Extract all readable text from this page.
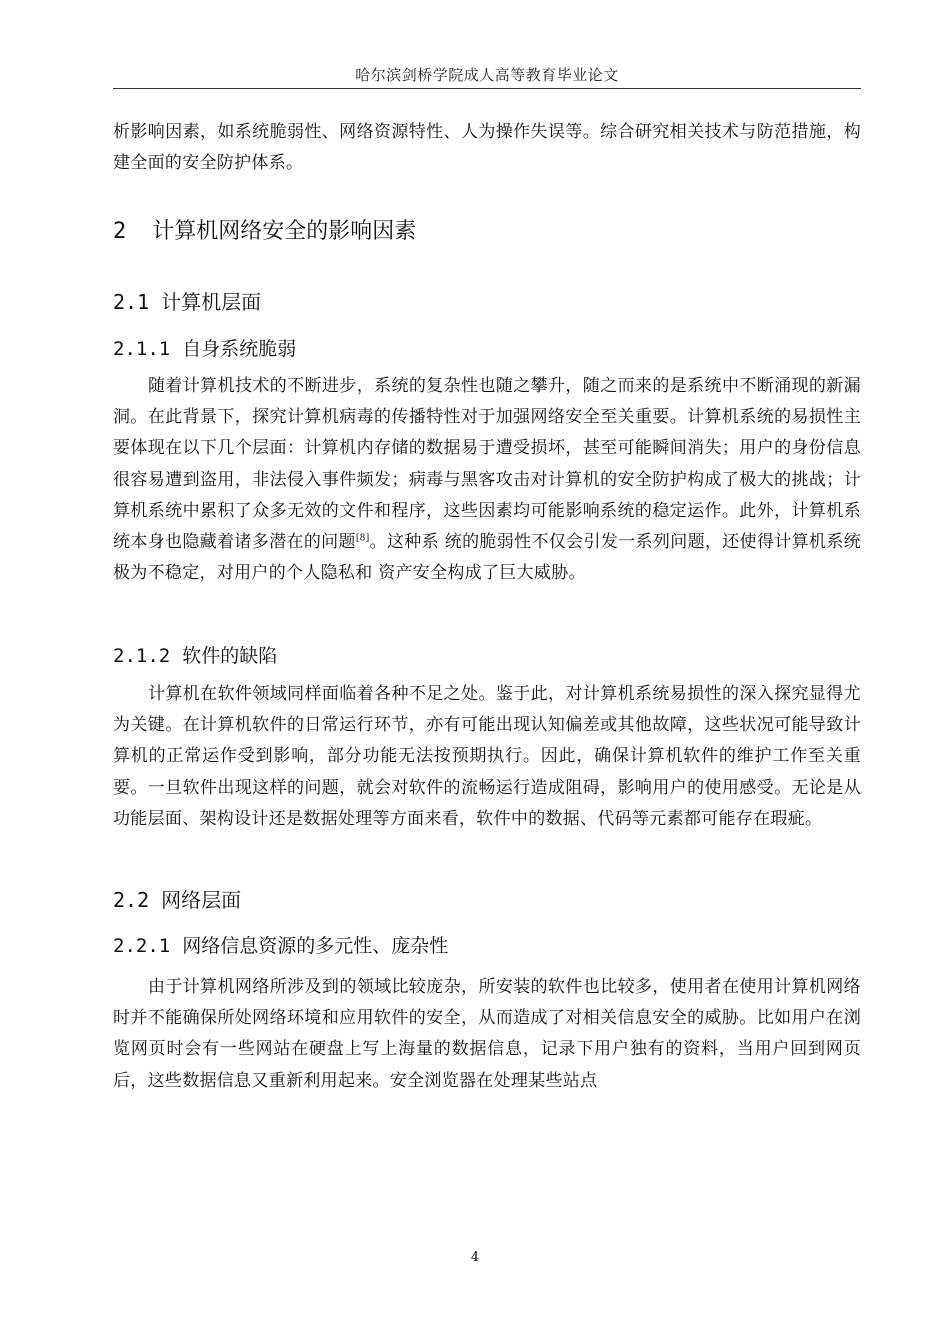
哈尔滨剑桥学院成人高等教育毕业论文

析影响因素，如系统脆弱性、网络资源特性、人为操作失误等。综合研究相关技术与防范措施，构建全面的安全防护体系。

2 计算机网络安全的影响因素
2.1 计算机层面
2.1.1 自身系统脆弱

随着计算机技术的不断进步，系统的复杂性也随之攀升，随之而来的是系统中不断涌现的新漏洞。在此背景下，探究计算机病毒的传播特性对于加强网络安全至关重要。计算机系统的易损性主要体现在以下几个层面：计算机内存储的数据易于遭受损坏，甚至可能瞬间消失；用户的身份信息很容易遭到盗用，非法侵入事件频发；病毒与黑客攻击对计算机的安全防护构成了极大的挑战；计算机系统中累积了众多无效的文件和程序，这些因素均可能影响系统的稳定运作。此外，计算机系统本身也隐藏着诸多潜在的问题[8]。这种系 统的脆弱性不仅会引发一系列问题，还使得计算机系统极为不稳定，对用户的个人隐私和 资产安全构成了巨大威胁。

2.1.2 软件的缺陷

计算机在软件领域同样面临着各种不足之处。鉴于此，对计算机系统易损性的深入探究显得尤为关键。在计算机软件的日常运行环节，亦有可能出现认知偏差或其他故障，这些状况可能导致计算机的正常运作受到影响，部分功能无法按预期执行。因此，确保计算机软件的维护工作至关重要。一旦软件出现这样的问题，就会对软件的流畅运行造成阻碍，影响用户的使用感受。无论是从功能层面、架构设计还是数据处理等方面来看，软件中的数据、代码等元素都可能存在瑕疵。

2.2 网络层面
2.2.1 网络信息资源的多元性、庞杂性

由于计算机网络所涉及到的领域比较庞杂，所安装的软件也比较多，使用者在使用计算机网络时并不能确保所处网络环境和应用软件的安全，从而造成了对相关信息安全的威胁。比如用户在浏览网页时会有一些网站在硬盘上写上海量的数据信息，记录下用户独有的资料，当用户回到网页后，这些数据信息又重新利用起来。安全浏览器在处理某些站点

4
